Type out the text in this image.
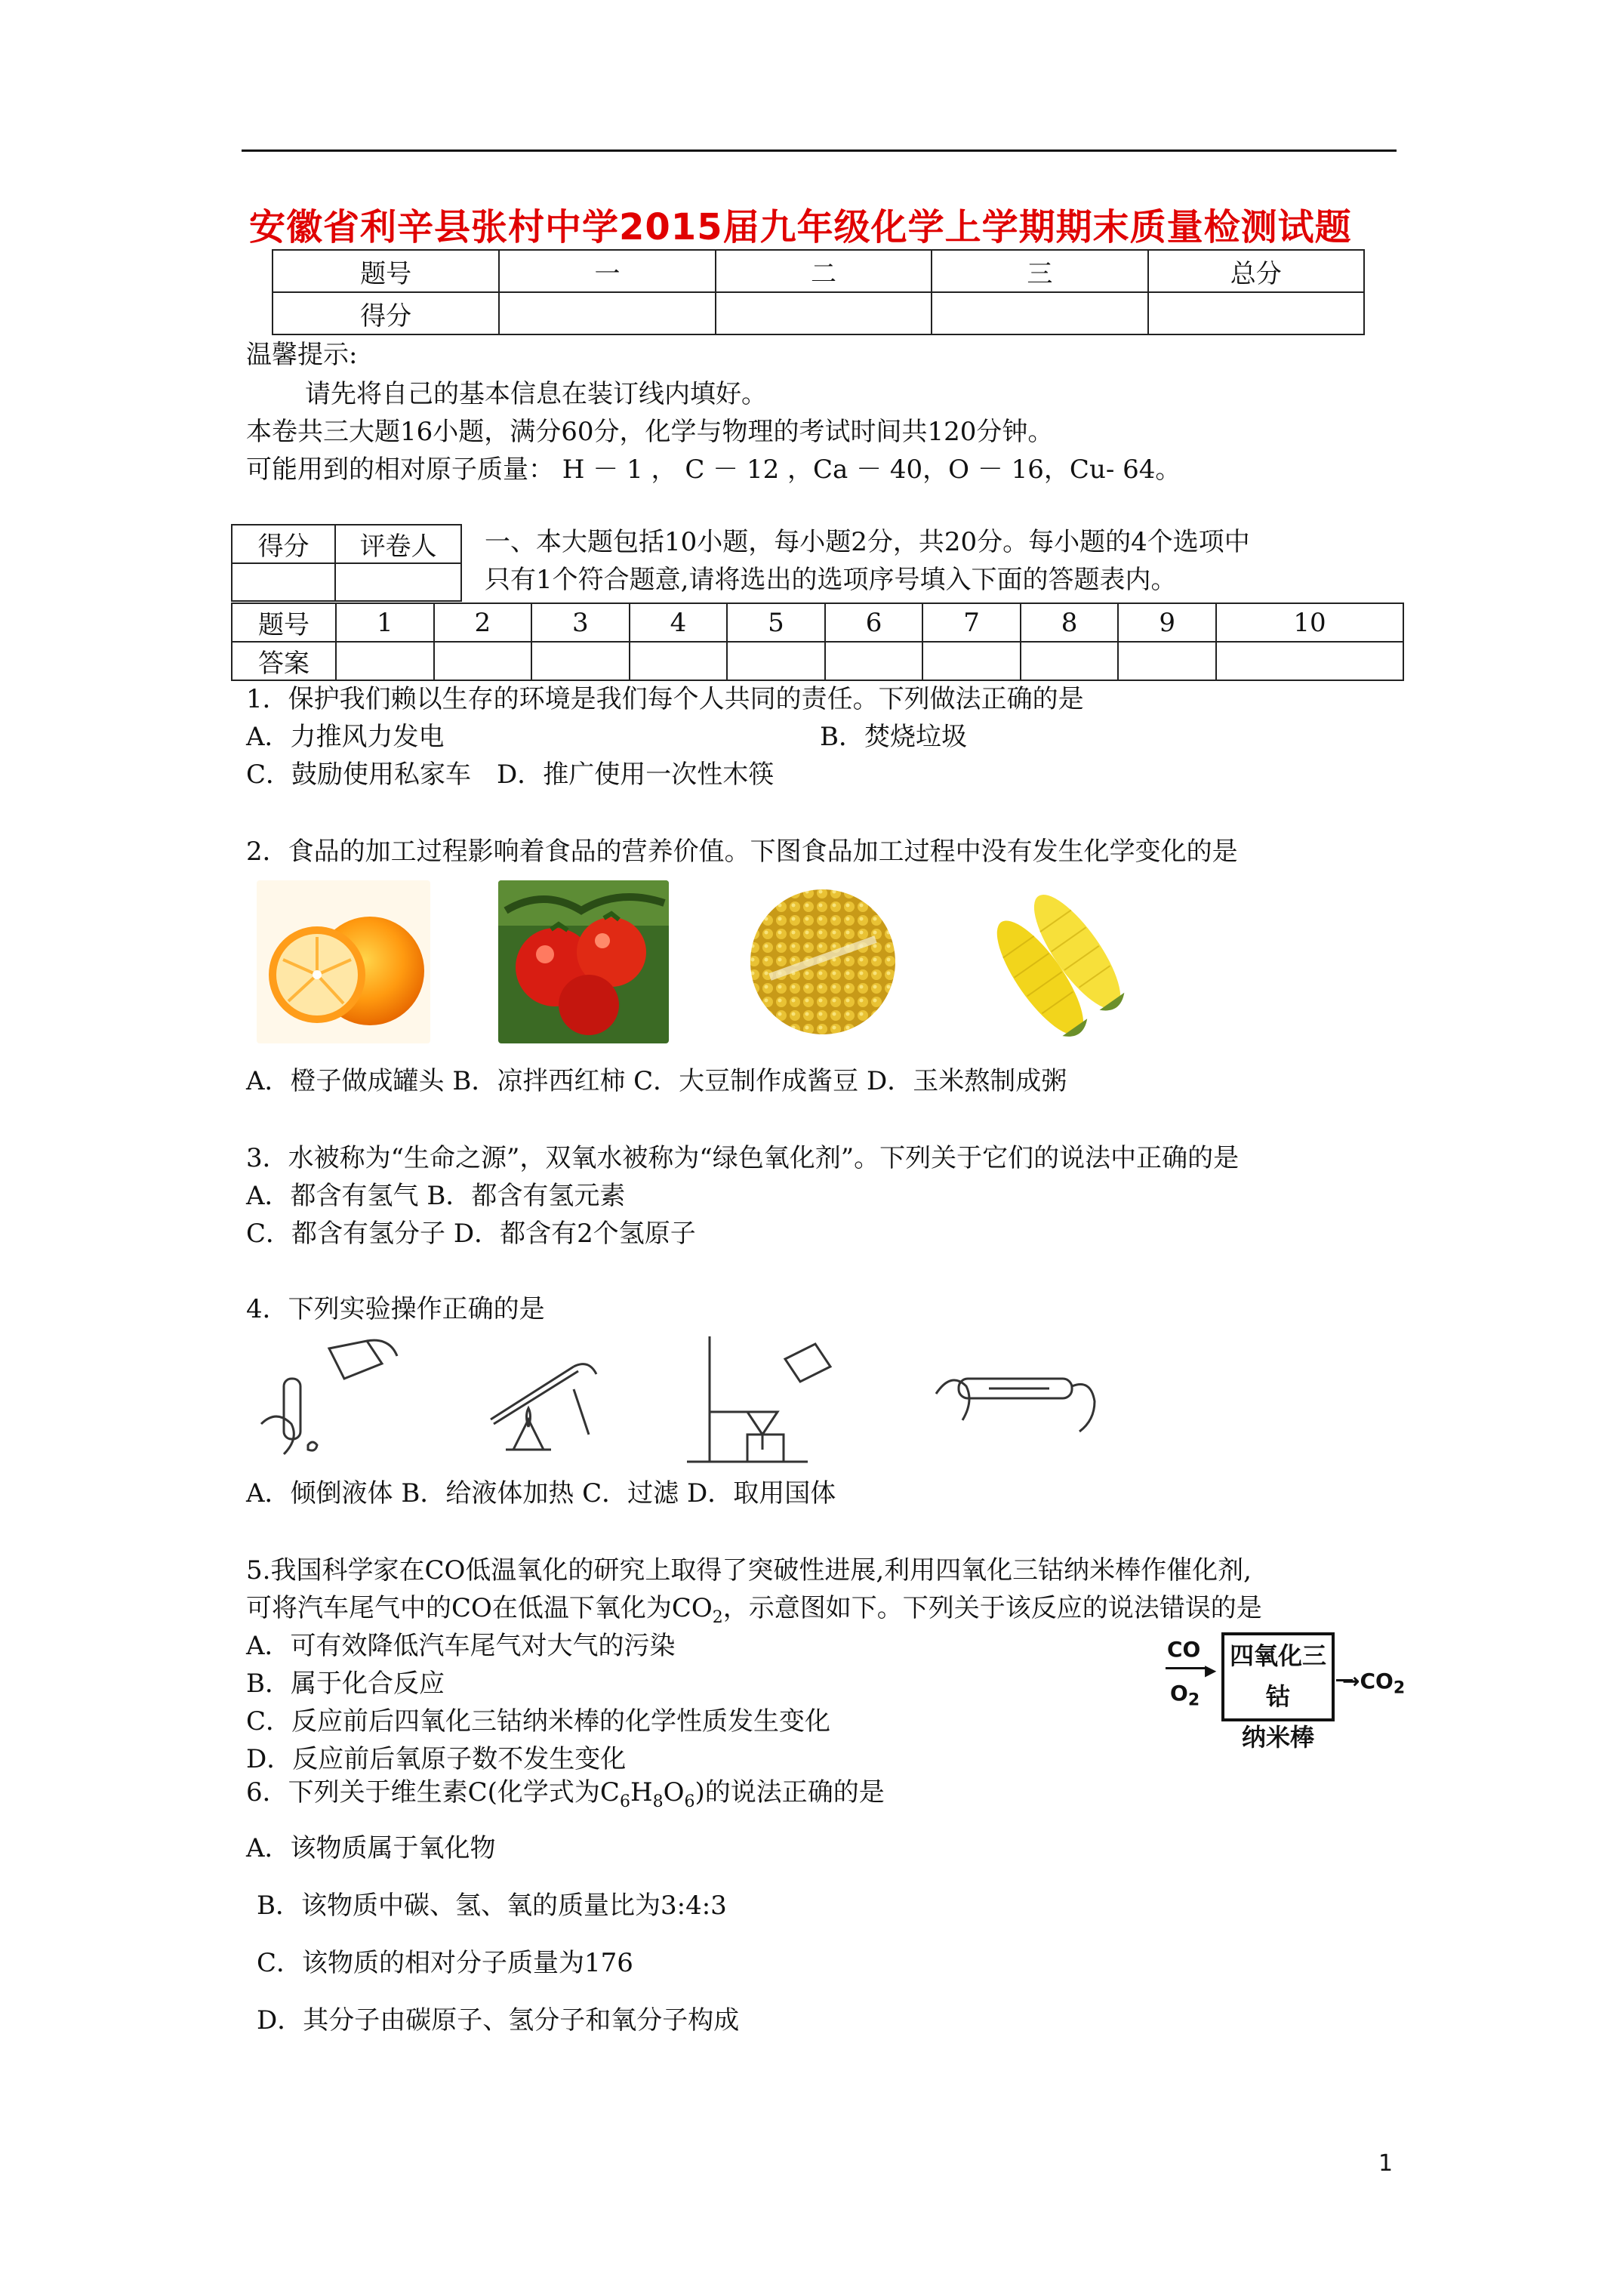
安徽省利辛县张村中学2015届九年级化学上学期期末质量检测试题
题号	一	二	三	总分
得分				
温馨提示:
请先将自己的基本信息在装订线内填好。
本卷共三大题16小题，满分60分，化学与物理的考试时间共120分钟。
可能用到的相对原子质量： H － 1 ， C － 12 ，Ca － 40，O － 16，Cu- 64。
得分	评卷人
	一、本大题包括10小题，每小题2分，共20分。每小题的4个选项中
只有1个符合题意,请将选出的选项序号填入下面的答题表内。
题号	1	2	3	4	5	6	7	8	9	10
答案										
1．保护我们赖以生存的环境是我们每个人共同的责任。下列做法正确的是
A．力推风力发电	B．焚烧垃圾
C．鼓励使用私家车　D．推广使用一次性木筷
2．食品的加工过程影响着食品的营养价值。下图食品加工过程中没有发生化学变化的是
A．橙子做成罐头 B．凉拌西红柿 C．大豆制作成酱豆 D．玉米熬制成粥
3．水被称为“生命之源”，双氧水被称为“绿色氧化剂”。下列关于它们的说法中正确的是
A．都含有氢气 B．都含有氢元素
C．都含有氢分子 D．都含有2个氢原子
4．下列实验操作正确的是
A．倾倒液体 B．给液体加热 C．过滤 D．取用国体
5.我国科学家在CO低温氧化的研究上取得了突破性进展,利用四氧化三钴纳米棒作催化剂,
可将汽车尾气中的CO在低温下氧化为$CO_2$，示意图如下。下列关于该反应的说法错误的是
A．可有效降低汽车尾气对大气的污染
B．属于化合反应
C．反应前后四氧化三钴纳米棒的化学性质发生变化
D．反应前后氧原子数不发生变化
CO
▶
$O_2$
四氧化三钴
纳米棒
$\to CO_2$
6．下列关于维生素C(化学式为$C_6H_8O_6$)的说法正确的是
A．该物质属于氧化物
B．该物质中碳、氢、氧的质量比为3:4:3
C．该物质的相对分子质量为176
D．其分子由碳原子、氢分子和氧分子构成
1
